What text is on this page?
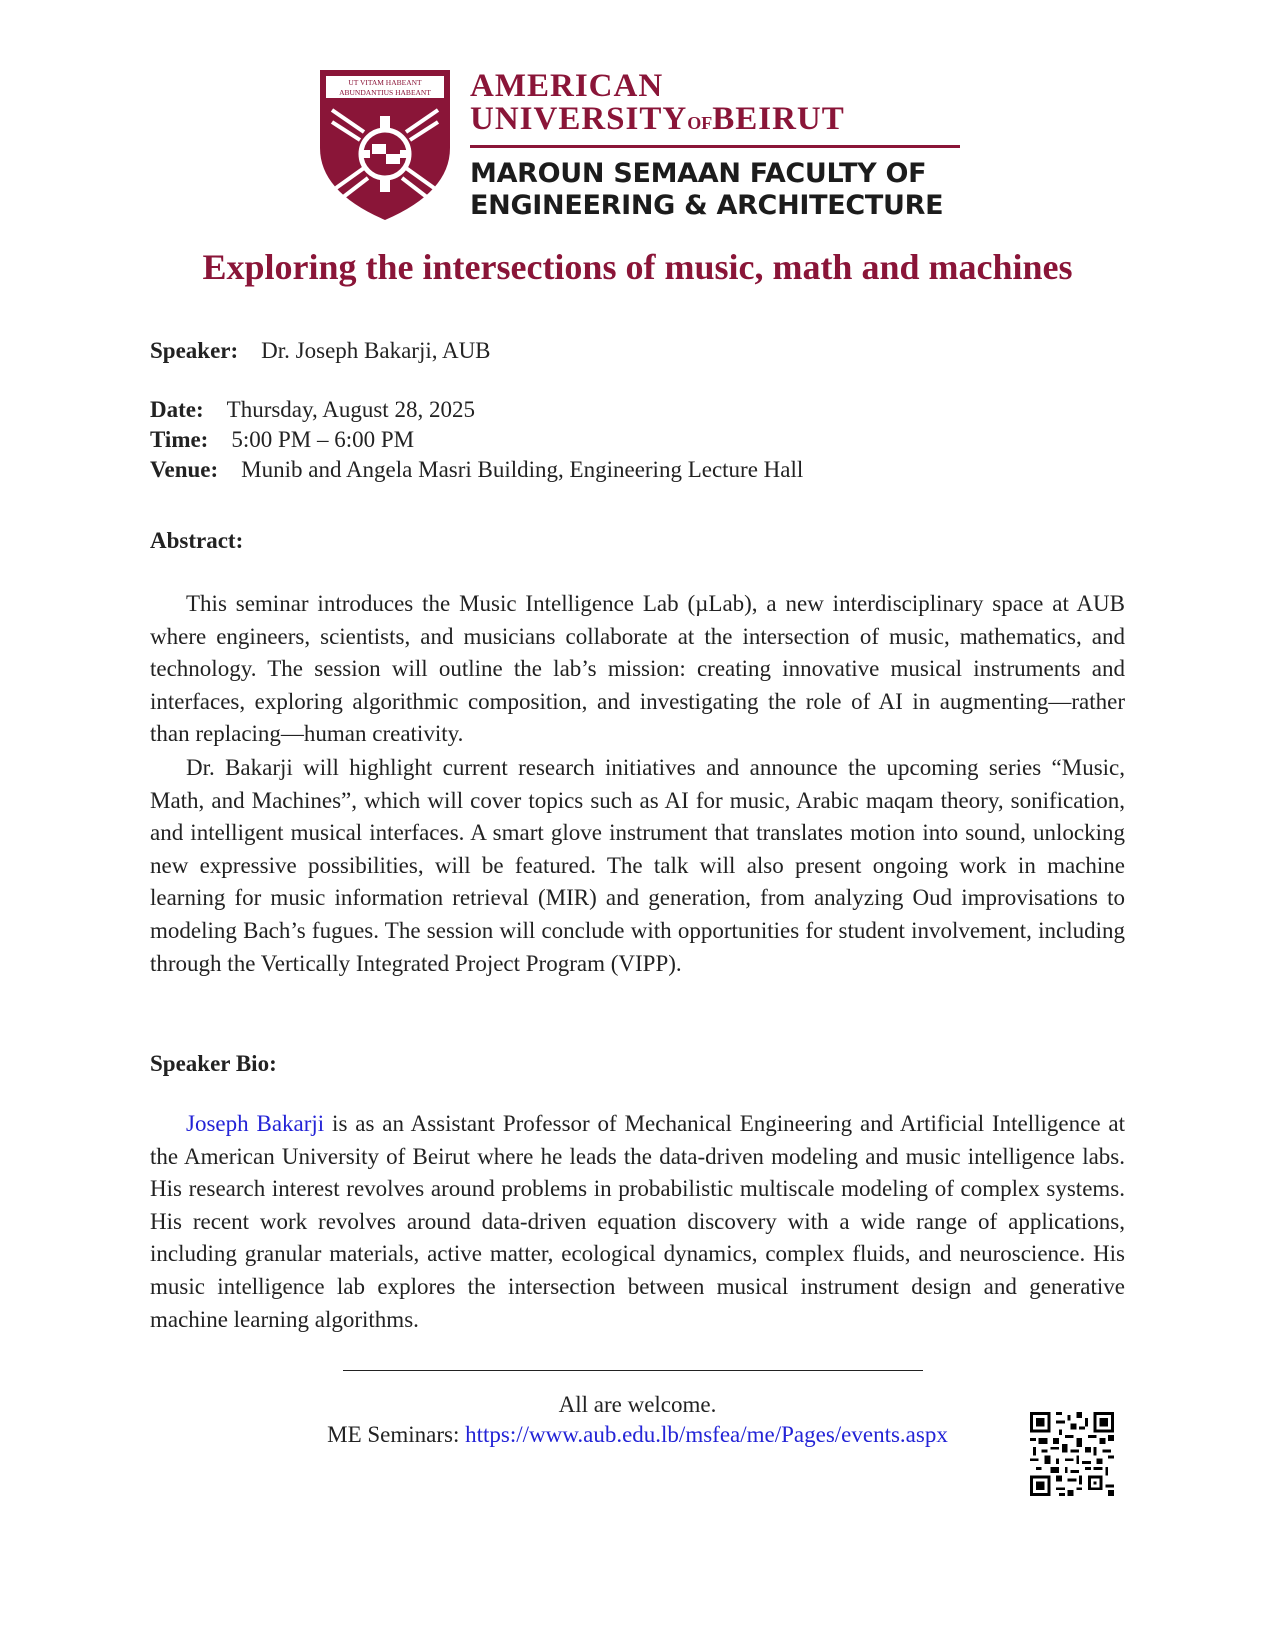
UT VITAM HABEANT
ABUNDANTIUS HABEANT AMERICAN
UNIVERSITYOFBEIRUT
MAROUN SEMAAN FACULTY OF
ENGINEERING & ARCHITECTURE
Exploring the intersections of music, math and machines
Speaker: Dr. Joseph Bakarji, AUB
Date: Thursday, August 28, 2025
Time: 5:00 PM – 6:00 PM
Venue: Munib and Angela Masri Building, Engineering Lecture Hall
Abstract:

This seminar introduces the Music Intelligence Lab (µLab), a new interdisciplinary space at AUB where engineers, scientists, and musicians collaborate at the intersection of music, mathematics, and technology. The session will outline the lab’s mission: creating innovative musical instruments and interfaces, exploring algorithmic composition, and investigating the role of AI in augmenting—rather than replacing—human creativity.

Dr. Bakarji will highlight current research initiatives and announce the upcoming series “Music, Math, and Machines”, which will cover topics such as AI for music, Arabic maqam theory, sonification, and intelligent musical interfaces. A smart glove instrument that translates motion into sound, unlocking new expressive possibilities, will be featured. The talk will also present ongoing work in machine learning for music information retrieval (MIR) and generation, from analyzing Oud improvisations to modeling Bach’s fugues. The session will conclude with opportunities for student involvement, including through the Vertically Integrated Project Program (VIPP).

Speaker Bio:

Joseph Bakarji is as an Assistant Professor of Mechanical Engineering and Artificial Intelligence at the American University of Beirut where he leads the data-driven modeling and music intelligence labs. His research interest revolves around problems in probabilistic multiscale modeling of complex systems. His recent work revolves around data-driven equation discovery with a wide range of applications, including granular materials, active matter, ecological dynamics, complex fluids, and neuroscience. His music intelligence lab explores the intersection between musical instrument design and generative machine learning algorithms.

All are welcome.
ME Seminars: https://www.aub.edu.lb/msfea/me/Pages/events.aspx
